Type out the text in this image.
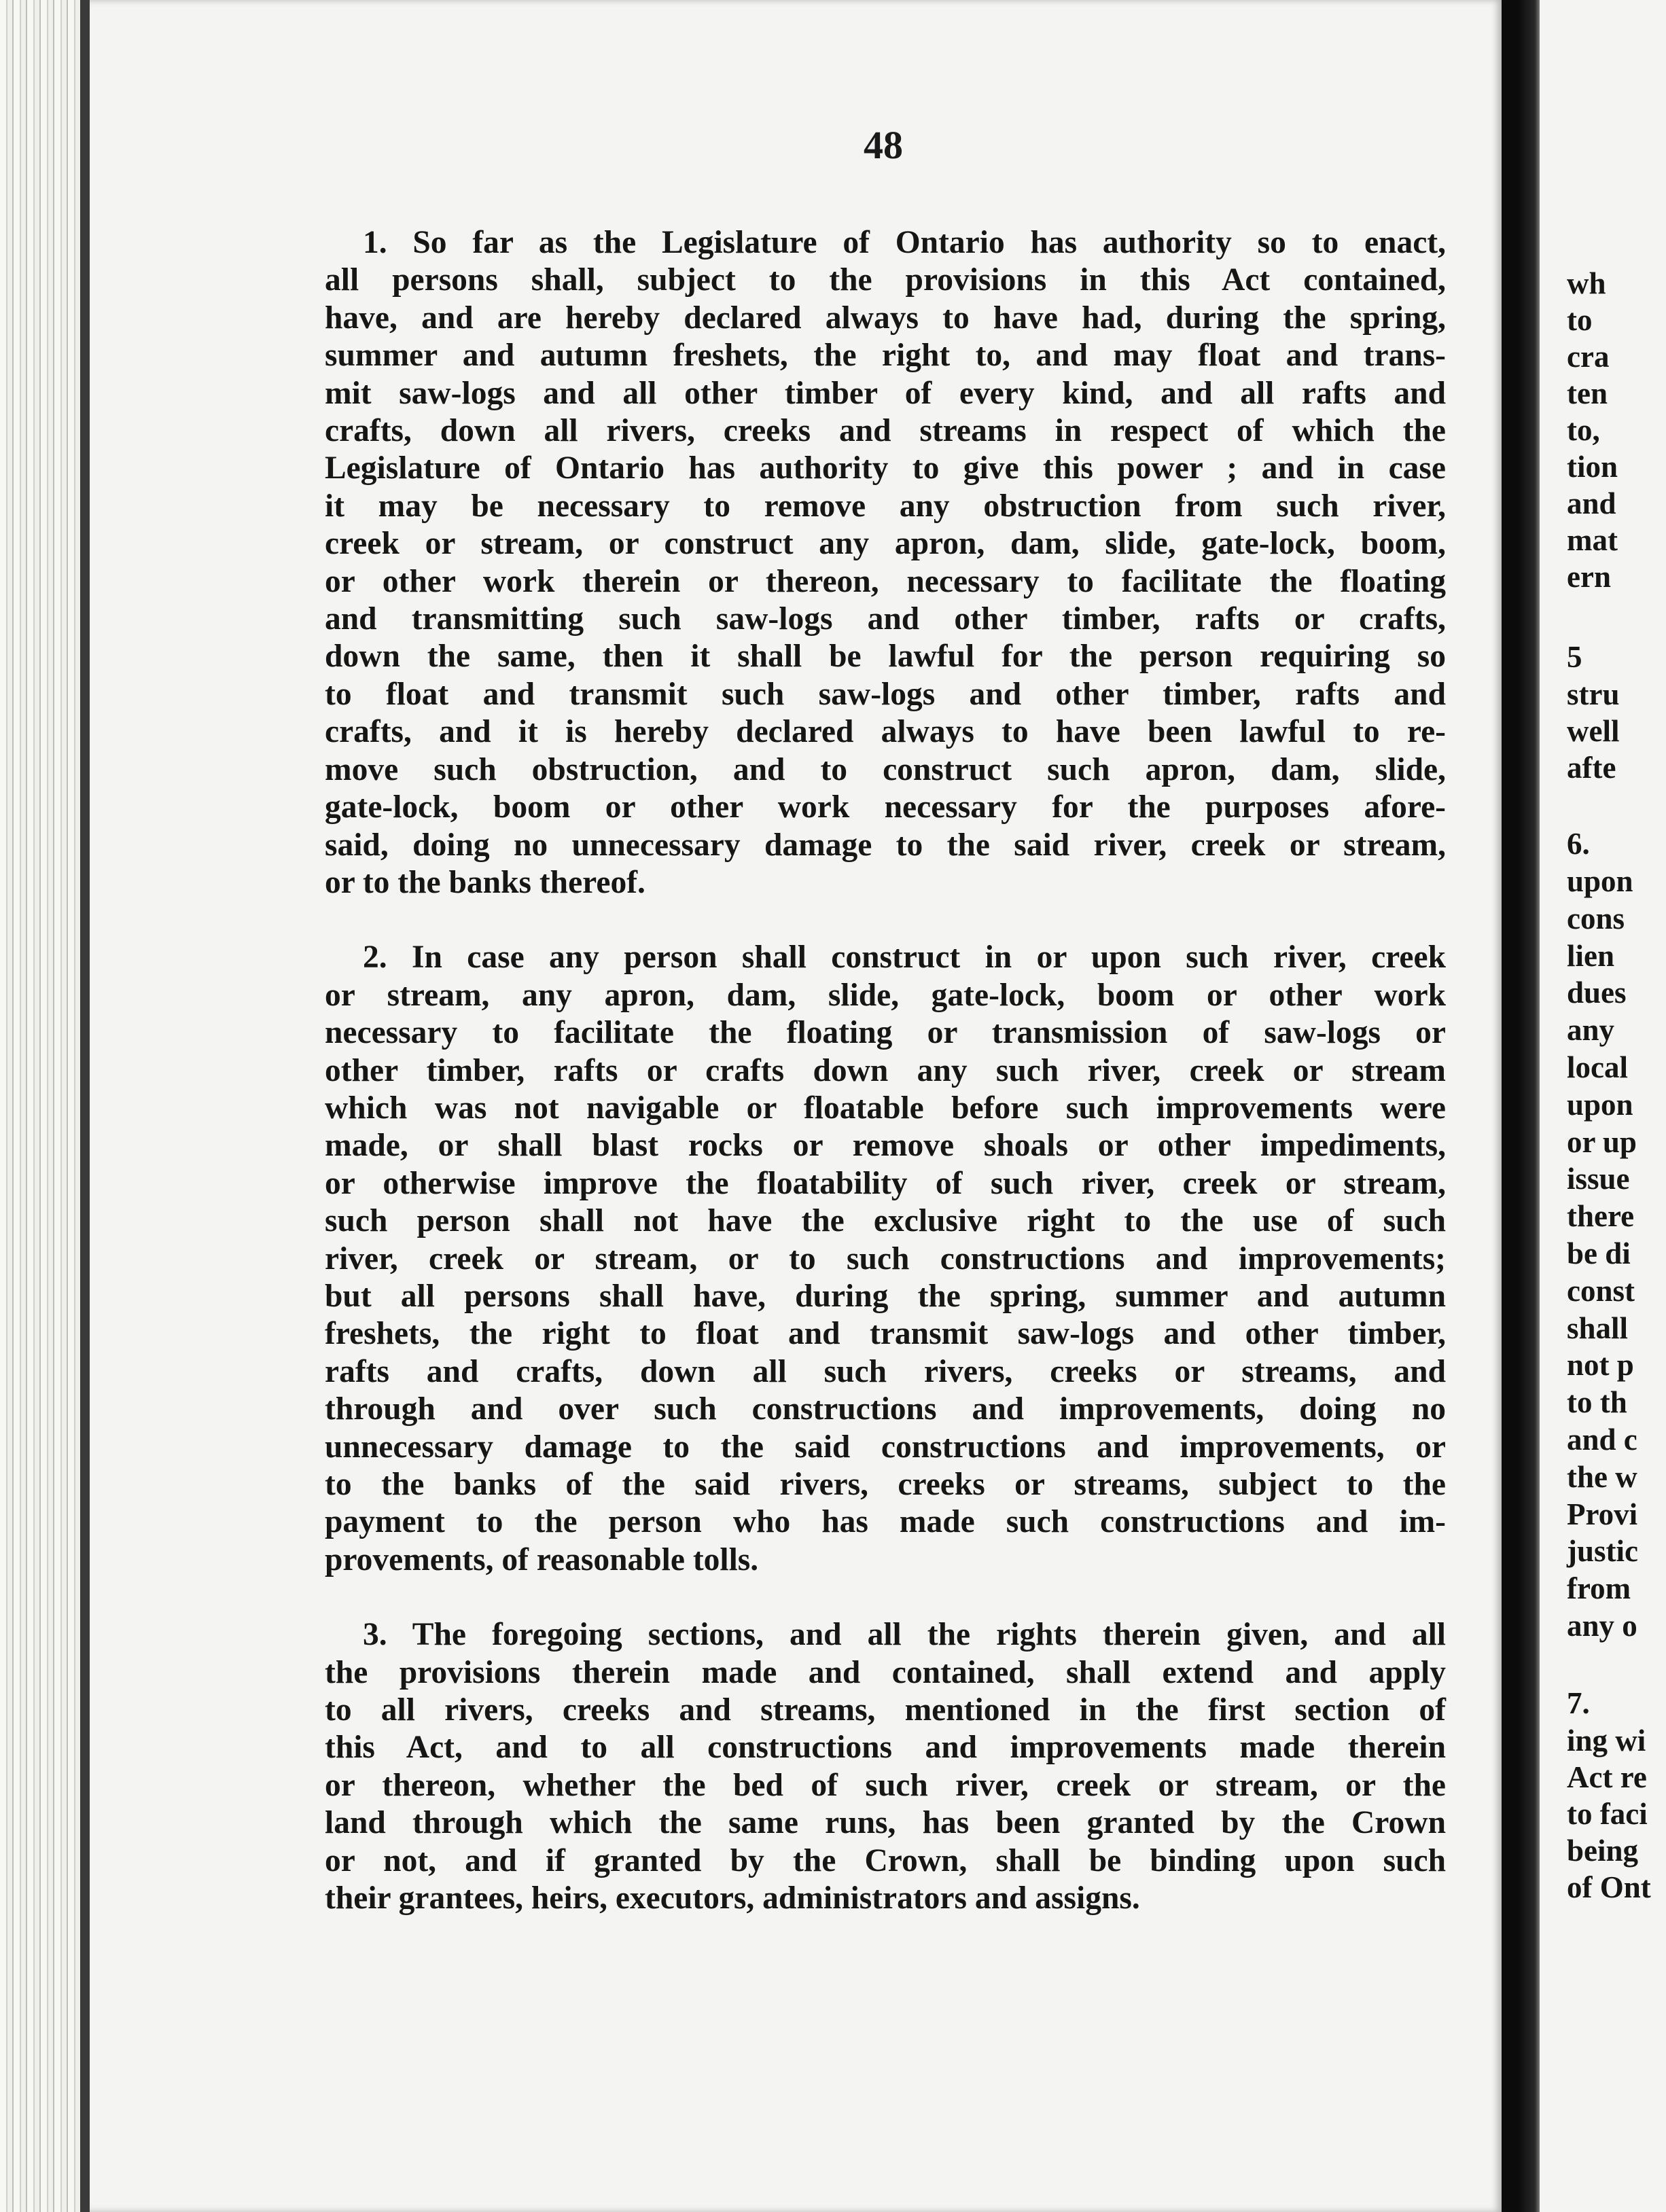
48
1. So far as the Legislature of Ontario has authority so to enact,
all persons shall, subject to the provisions in this Act contained,
have, and are hereby declared always to have had, during the spring,
summer and autumn freshets, the right to, and may float and trans-
mit saw-logs and all other timber of every kind, and all rafts and
crafts, down all rivers, creeks and streams in respect of which the
Legislature of Ontario has authority to give this power ; and in case
it may be necessary to remove any obstruction from such river,
creek or stream, or construct any apron, dam, slide, gate-lock, boom,
or other work therein or thereon, necessary to facilitate the floating
and transmitting such saw-logs and other timber, rafts or crafts,
down the same, then it shall be lawful for the person requiring so
to float and transmit such saw-logs and other timber, rafts and
crafts, and it is hereby declared always to have been lawful to re-
move such obstruction, and to construct such apron, dam, slide,
gate-lock, boom or other work necessary for the purposes afore-
said, doing no unnecessary damage to the said river, creek or stream,
or to the banks thereof.
2. In case any person shall construct in or upon such river, creek
or stream, any apron, dam, slide, gate-lock, boom or other work
necessary to facilitate the floating or transmission of saw-logs or
other timber, rafts or crafts down any such river, creek or stream
which was not navigable or floatable before such improvements were
made, or shall blast rocks or remove shoals or other impediments,
or otherwise improve the floatability of such river, creek or stream,
such person shall not have the exclusive right to the use of such
river, creek or stream, or to such constructions and improvements;
but all persons shall have, during the spring, summer and autumn
freshets, the right to float and transmit saw-logs and other timber,
rafts and crafts, down all such rivers, creeks or streams, and
through and over such constructions and improvements, doing no
unnecessary damage to the said constructions and improvements, or
to the banks of the said rivers, creeks or streams, subject to the
payment to the person who has made such constructions and im-
provements, of reasonable tolls.
3. The foregoing sections, and all the rights therein given, and all
the provisions therein made and contained, shall extend and apply
to all rivers, creeks and streams, mentioned in the first section of
this Act, and to all constructions and improvements made therein
or thereon, whether the bed of such river, creek or stream, or the
land through which the same runs, has been granted by the Crown
or not, and if granted by the Crown, shall be binding upon such
their grantees, heirs, executors, administrators and assigns.
wh
to
cra
ten
to,
tion
and
mat
ern
5
stru
well
afte
6.
upon
cons
lien
dues
any
local
upon
or up
issue
there
be di
const
shall
not p
to th
and c
the w
Provi
justic
from
any o
7.
ing wi
Act re
to faci
being
of Ont
